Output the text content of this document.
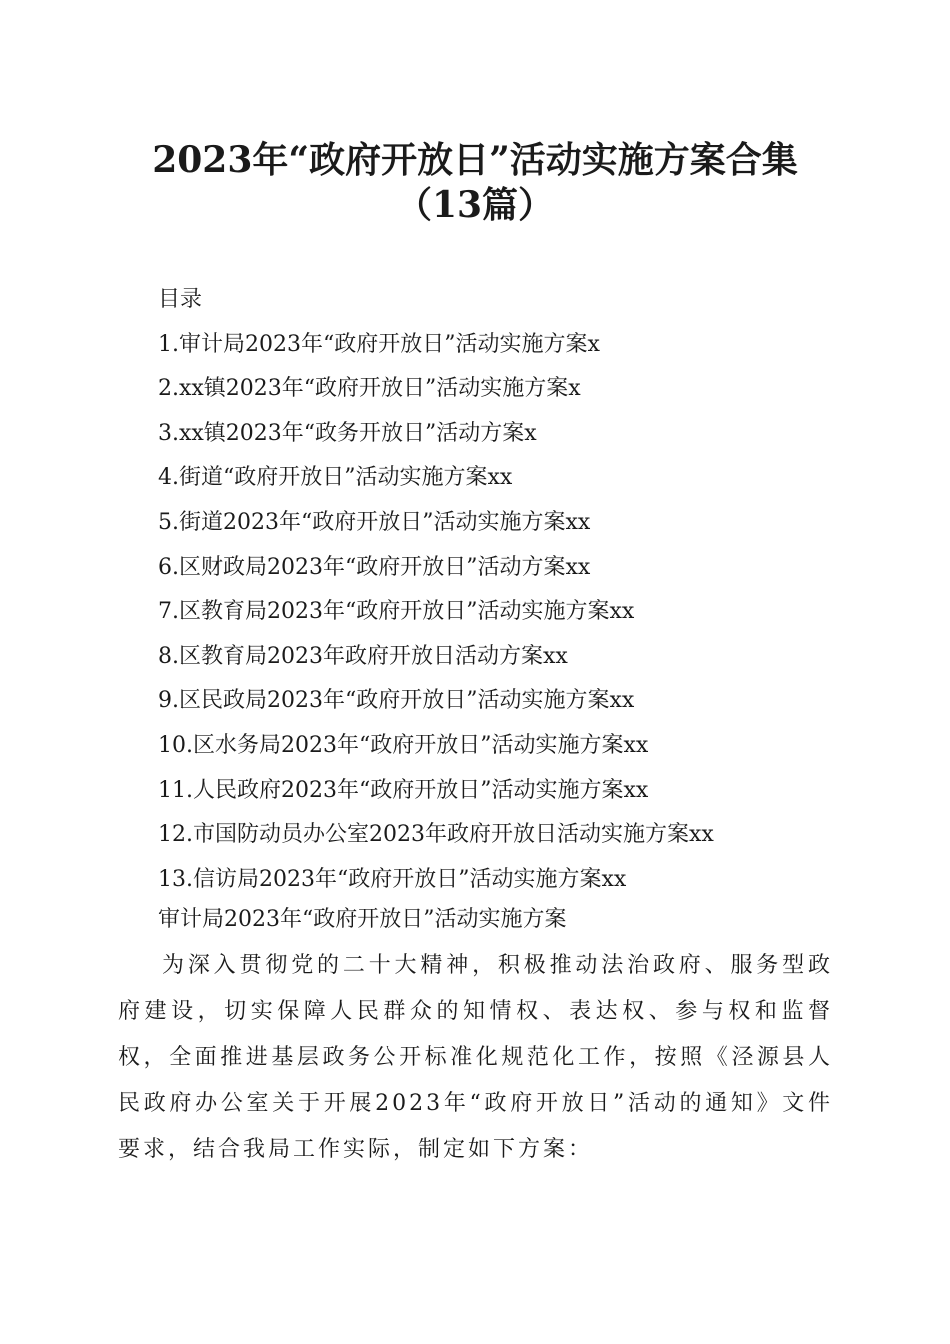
2023年“政府开放日”活动实施方案合集
（13篇）
目录
1.审计局2023年“政府开放日”活动实施方案x
2.xx镇2023年“政府开放日”活动实施方案x
3.xx镇2023年“政务开放日”活动方案x
4.街道“政府开放日”活动实施方案xx
5.街道2023年“政府开放日”活动实施方案xx
6.区财政局2023年“政府开放日”活动方案xx
7.区教育局2023年“政府开放日”活动实施方案xx
8.区教育局2023年政府开放日活动方案xx
9.区民政局2023年“政府开放日”活动实施方案xx
10.区水务局2023年“政府开放日”活动实施方案xx
11.人民政府2023年“政府开放日”活动实施方案xx
12.市国防动员办公室2023年政府开放日活动实施方案xx
13.信访局2023年“政府开放日”活动实施方案xx
审计局2023年“政府开放日”活动实施方案

为深入贯彻党的二十大精神，积极推动法治政府、服务型政府建设，切实保障人民群众的知情权、表达权、参与权和监督权，全面推进基层政务公开标准化规范化工作，按照《泾源县人民政府办公室关于开展2023年“政府开放日”活动的通知》文件要求，结合我局工作实际，制定如下方案：
